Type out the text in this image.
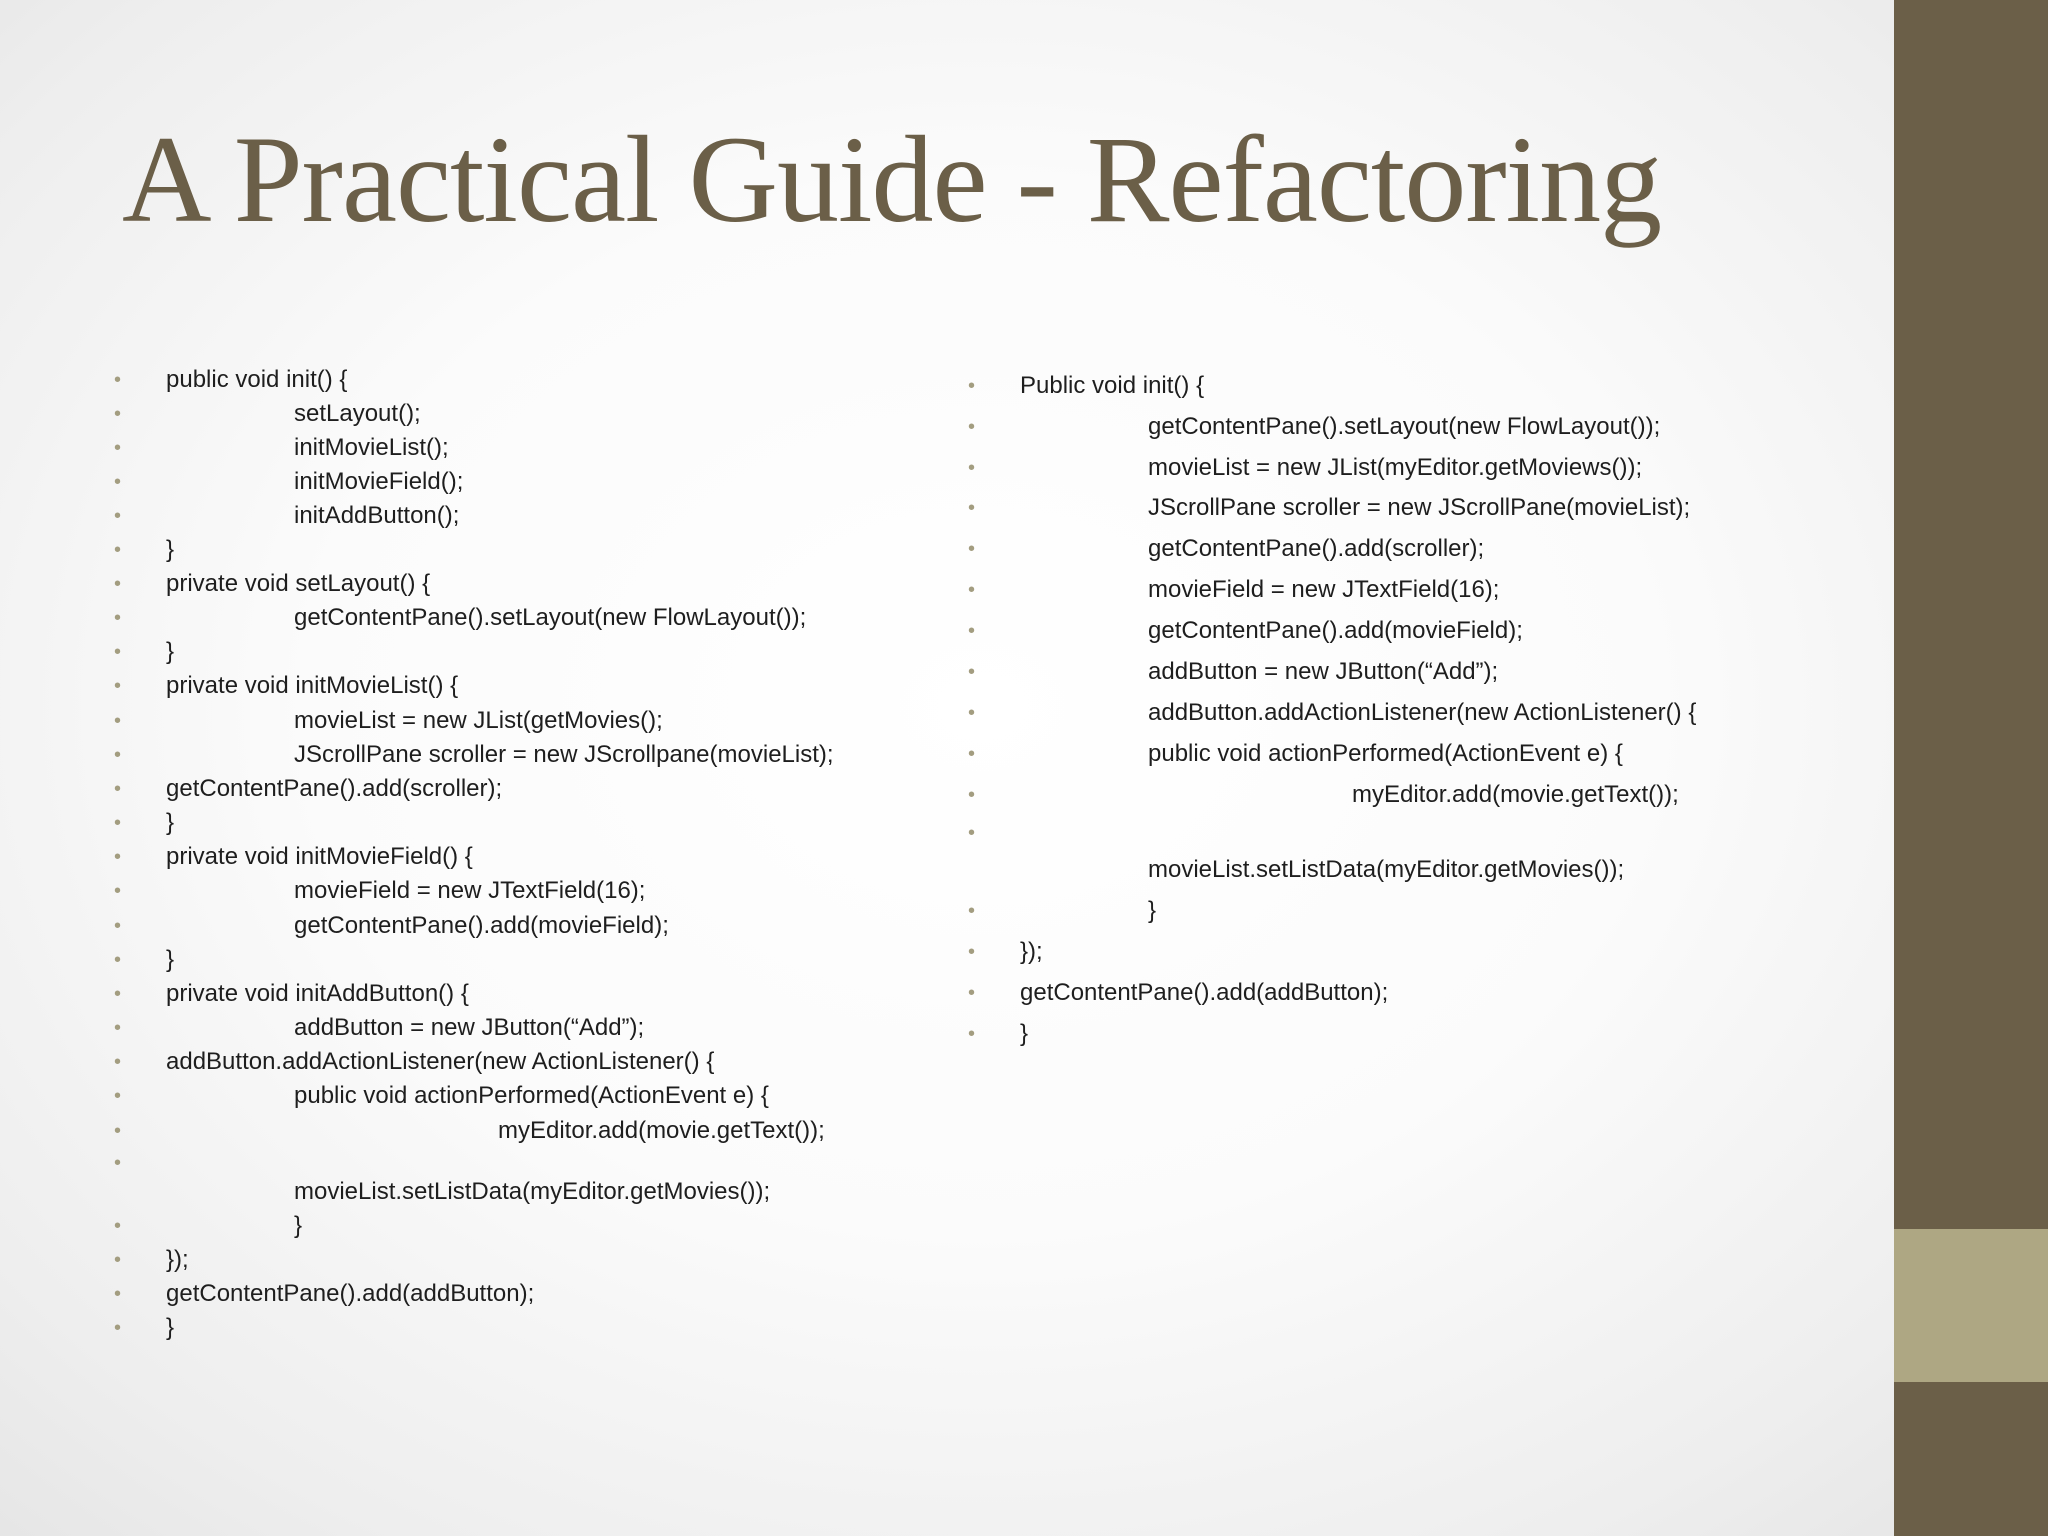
A Practical Guide - Refactoring
• public void init() {
•	setLayout();
•	initMovieList();
•	initMovieField();
•	initAddButton();
• }
• private void setLayout() {
•	getContentPane().setLayout(new FlowLayout());
• }
• private void initMovieList() {
•	movieList = new JList(getMovies();
•	JScrollPane scroller = new JScrollpane(movieList);
• getContentPane().add(scroller);
• }
• private void initMovieField() {
•	movieField = new JTextField(16);
•	getContentPane().add(movieField);
• }
• private void initAddButton() {
•	addButton = new JButton(“Add”);
• addButton.addActionListener(new ActionListener() {
•	public void actionPerformed(ActionEvent e) {
•	myEditor.add(movie.getText());
•
movieList.setListData(myEditor.getMovies());
•	}
• });
• getContentPane().add(addButton);
• }
• Public void init() {
•	getContentPane().setLayout(new FlowLayout());
•	movieList = new JList(myEditor.getMoviews());
•	JScrollPane scroller = new JScrollPane(movieList);
•	getContentPane().add(scroller);
•	movieField = new JTextField(16);
•	getContentPane().add(movieField);
•	addButton = new JButton(“Add”);
•	addButton.addActionListener(new ActionListener() {
•	public void actionPerformed(ActionEvent e) {
•	myEditor.add(movie.getText());
•
movieList.setListData(myEditor.getMovies());
•	}
• });
• getContentPane().add(addButton);
• }
